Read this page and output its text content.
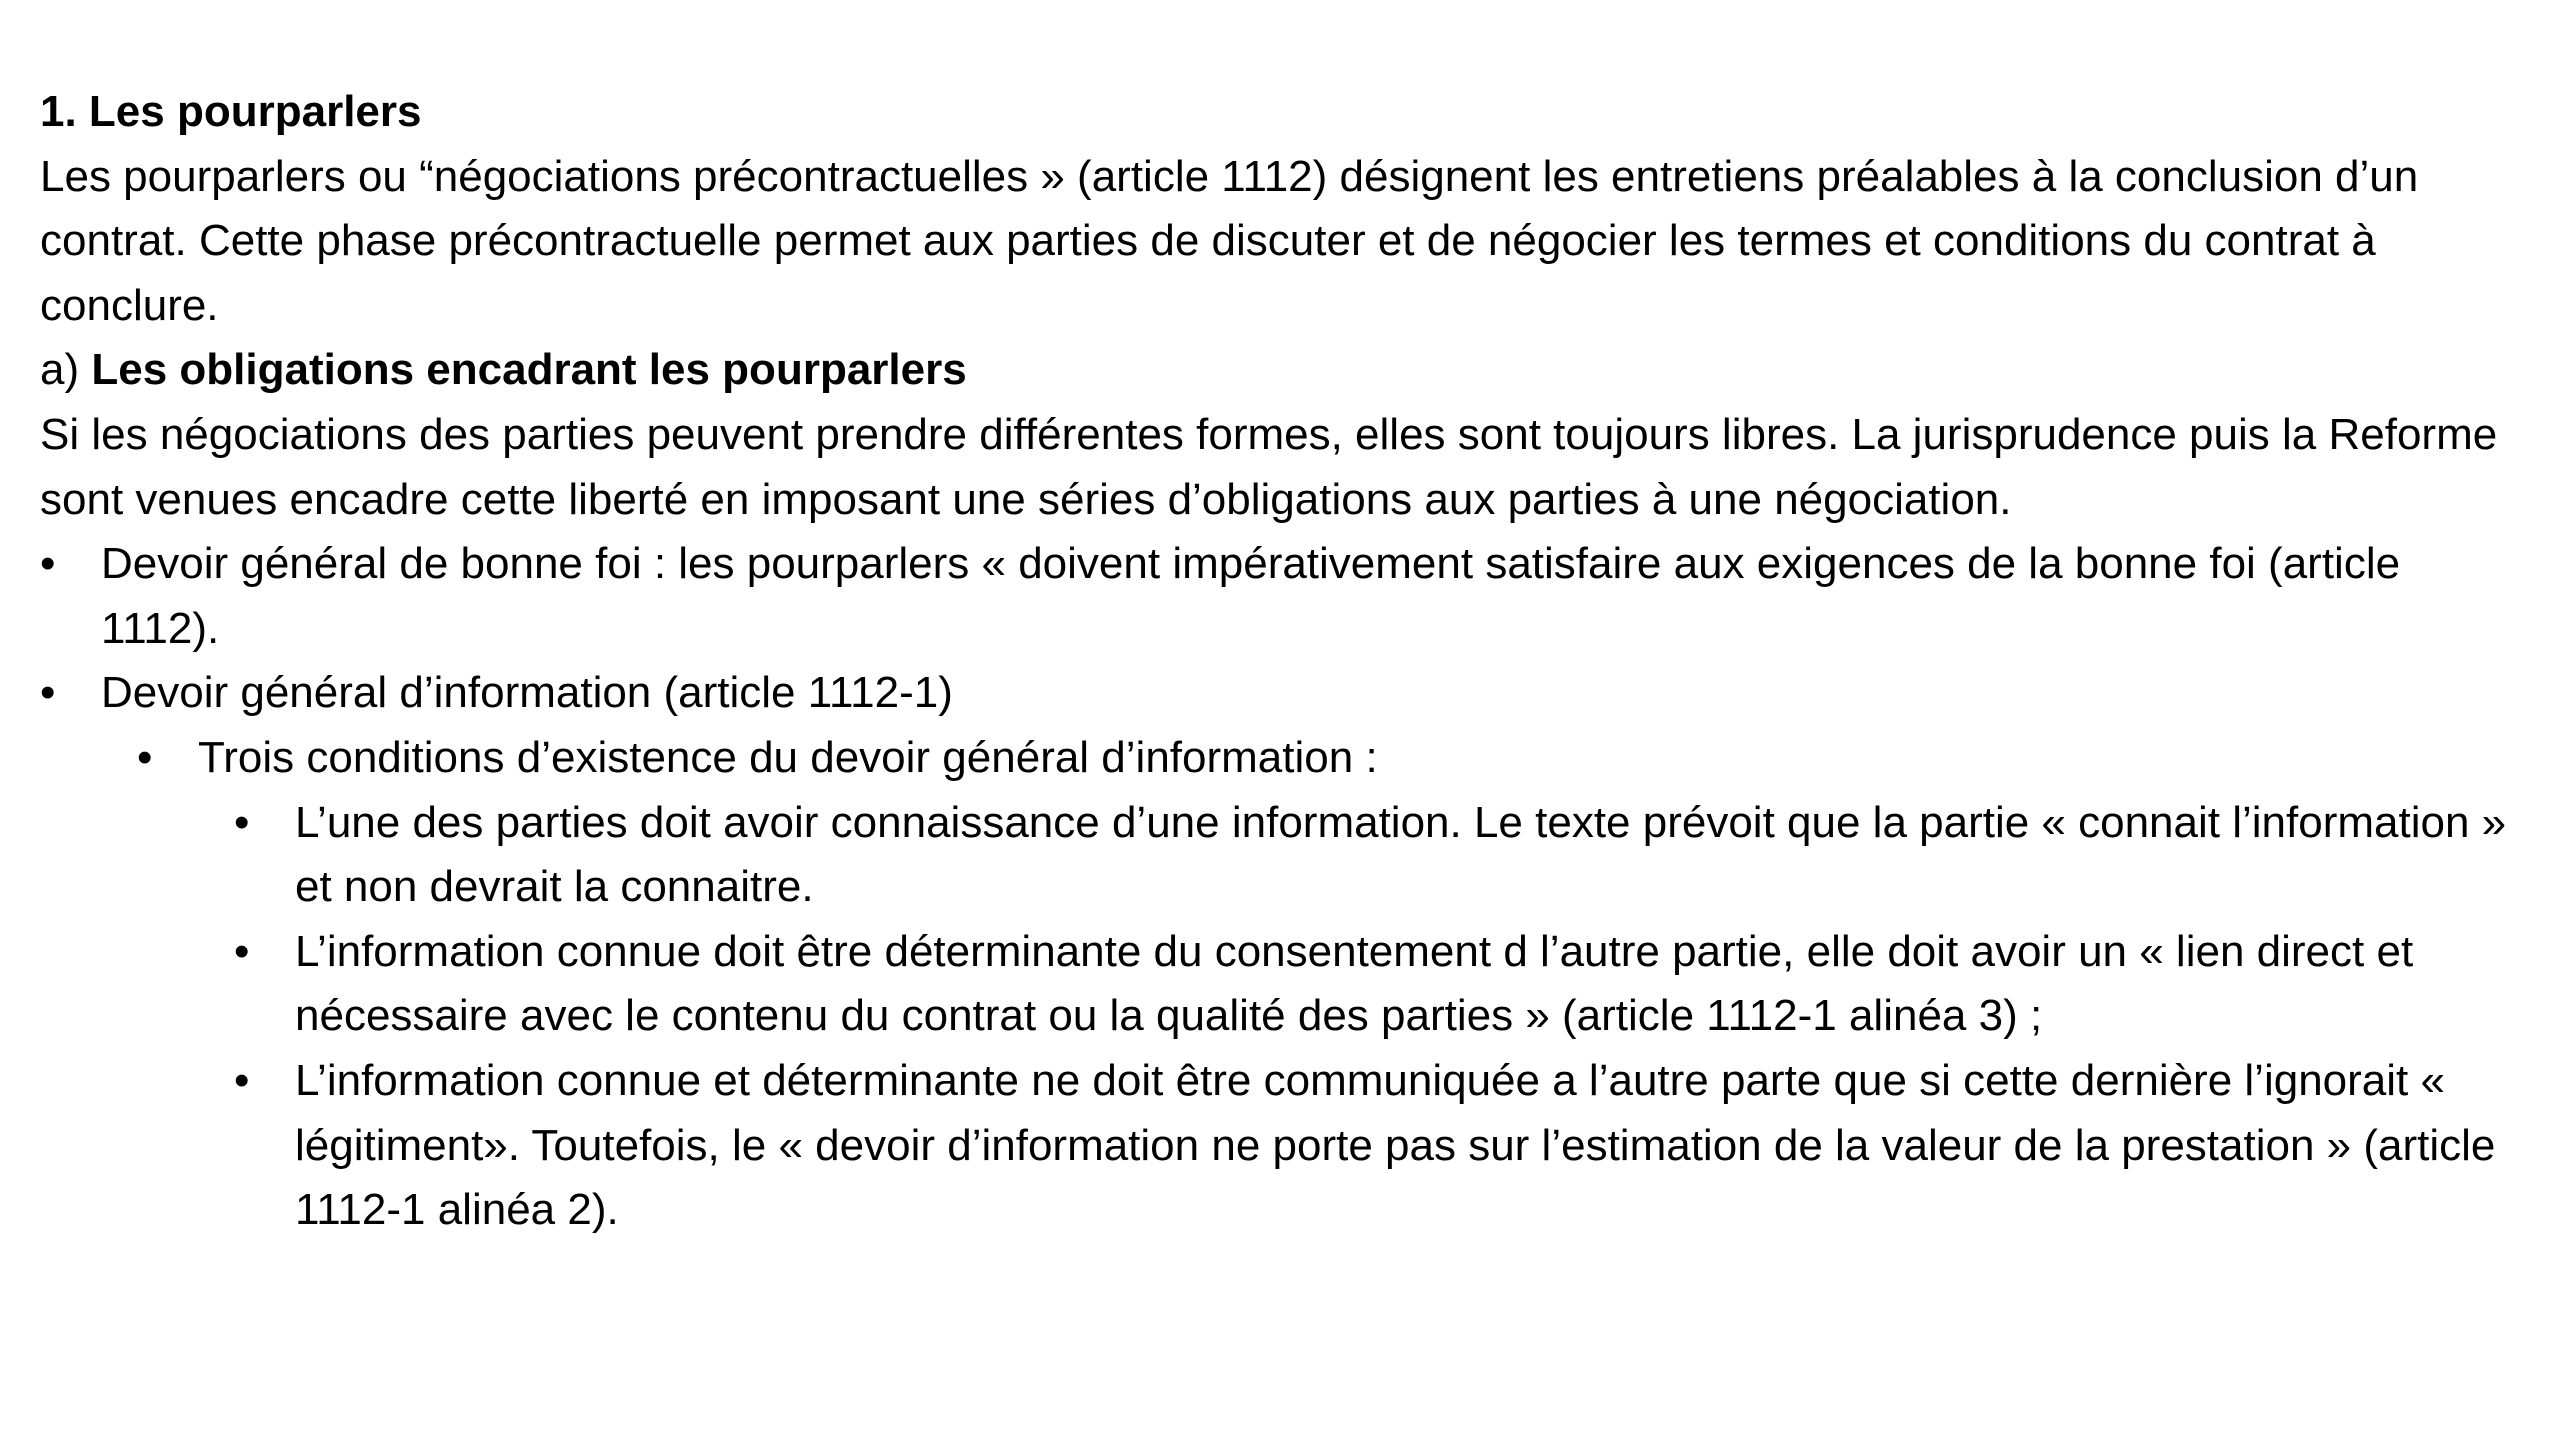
1. Les pourparlers

Les pourparlers ou “négociations précontractuelles » (article 1112) désignent les entretiens préalables à la conclusion d’un contrat. Cette phase précontractuelle permet aux parties de discuter et de négocier les termes et conditions du contrat à conclure.

a) Les obligations encadrant les pourparlers

Si les négociations des parties peuvent prendre différentes formes, elles sont toujours libres. La jurisprudence puis la Reforme sont venues encadre cette liberté en imposant une séries d’obligations aux parties à une négociation.

• Devoir général de bonne foi : les pourparlers « doivent impérativement satisfaire aux exigences de la bonne foi (article 1112).
• Devoir général d’information (article 1112-1)
• Trois conditions d’existence du devoir général d’information :
• L’une des parties doit avoir connaissance d’une information. Le texte prévoit que la partie « connait l’information » et non devrait la connaitre.
• L’information connue doit être déterminante du consentement d l’autre partie, elle doit avoir un « lien direct et nécessaire avec le contenu du contrat ou la qualité des parties » (article 1112-1 alinéa 3) ;
• L’information connue et déterminante ne doit être communiquée a l’autre parte que si cette dernière l’ignorait « légitiment». Toutefois, le « devoir d’information ne porte pas sur l’estimation de la valeur de la prestation » (article 1112-1 alinéa 2).
